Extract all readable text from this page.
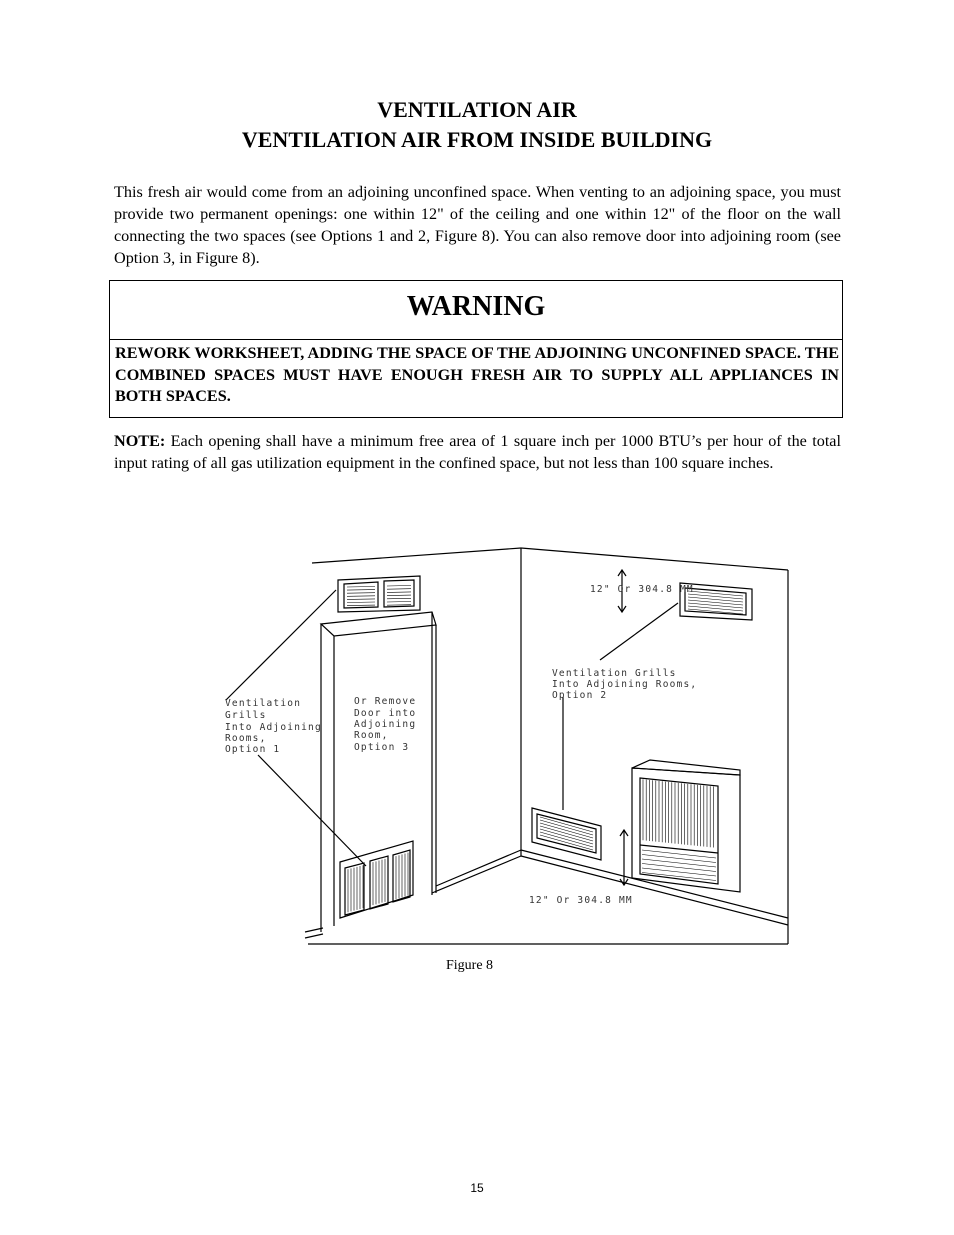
VENTILATION AIR
VENTILATION AIR FROM INSIDE BUILDING
This fresh air would come from an adjoining unconfined space. When venting to an adjoining space, you must provide two permanent openings: one within 12" of the ceiling and one within 12" of the floor on the wall connecting the two spaces (see Options 1 and 2, Figure 8). You can also remove door into adjoining room (see Option 3, in Figure 8).
WARNING
REWORK WORKSHEET, ADDING THE SPACE OF THE ADJOINING UNCONFINED SPACE. THE COMBINED SPACES MUST HAVE ENOUGH FRESH AIR TO SUPPLY ALL APPLIANCES IN BOTH SPACES.
NOTE: Each opening shall have a minimum free area of 1 square inch per 1000 BTU’s per hour of the total input rating of all gas utilization equipment in the confined space, but not less than 100 square inches.
Ventilation
Grills
Into Adjoining
Rooms,
Option 1
Or Remove
Door into
Adjoining
Room,
Option 3
Ventilation Grills
Into Adjoining Rooms,
Option 2
12" Or 304.8 MM
12" Or 304.8 MM
Figure 8
15
